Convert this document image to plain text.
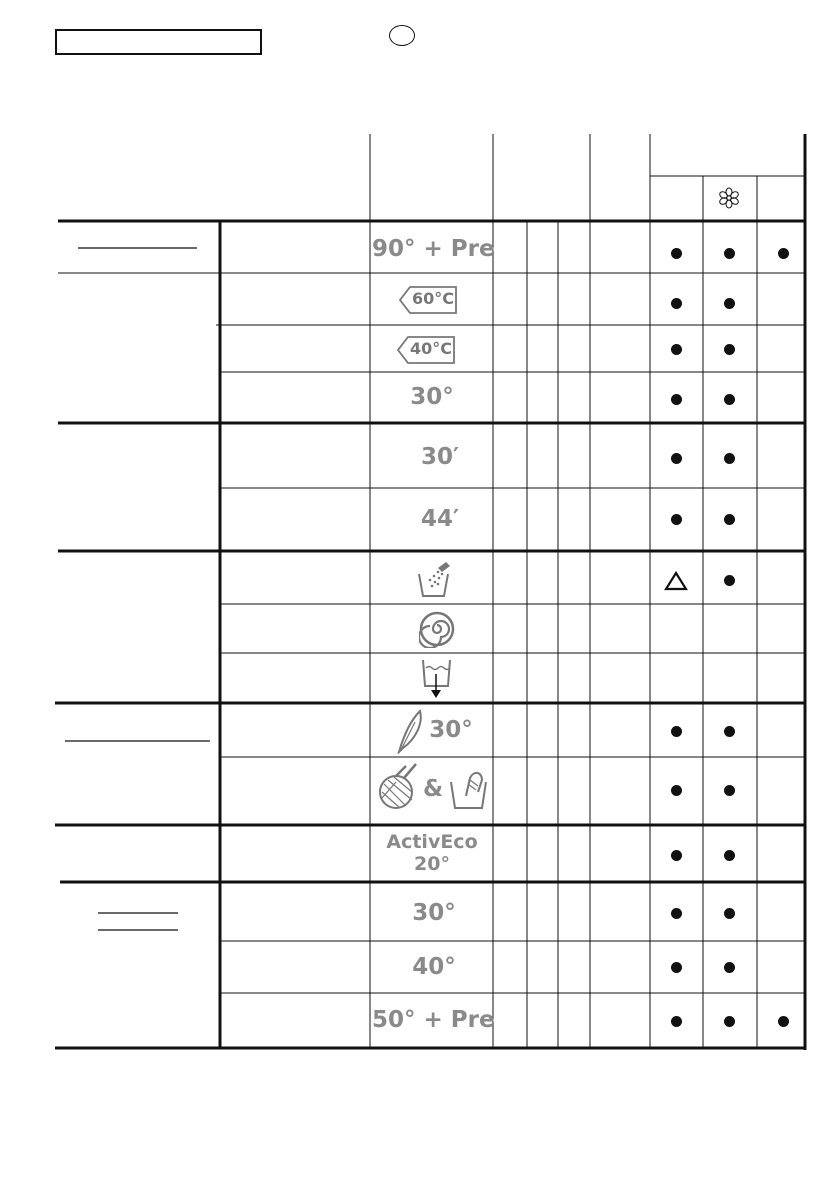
90° + Pre
60°C
40°C
30°
30′
44′
30°
&
ActivEco
20°
30°
40°
50° + Pre
